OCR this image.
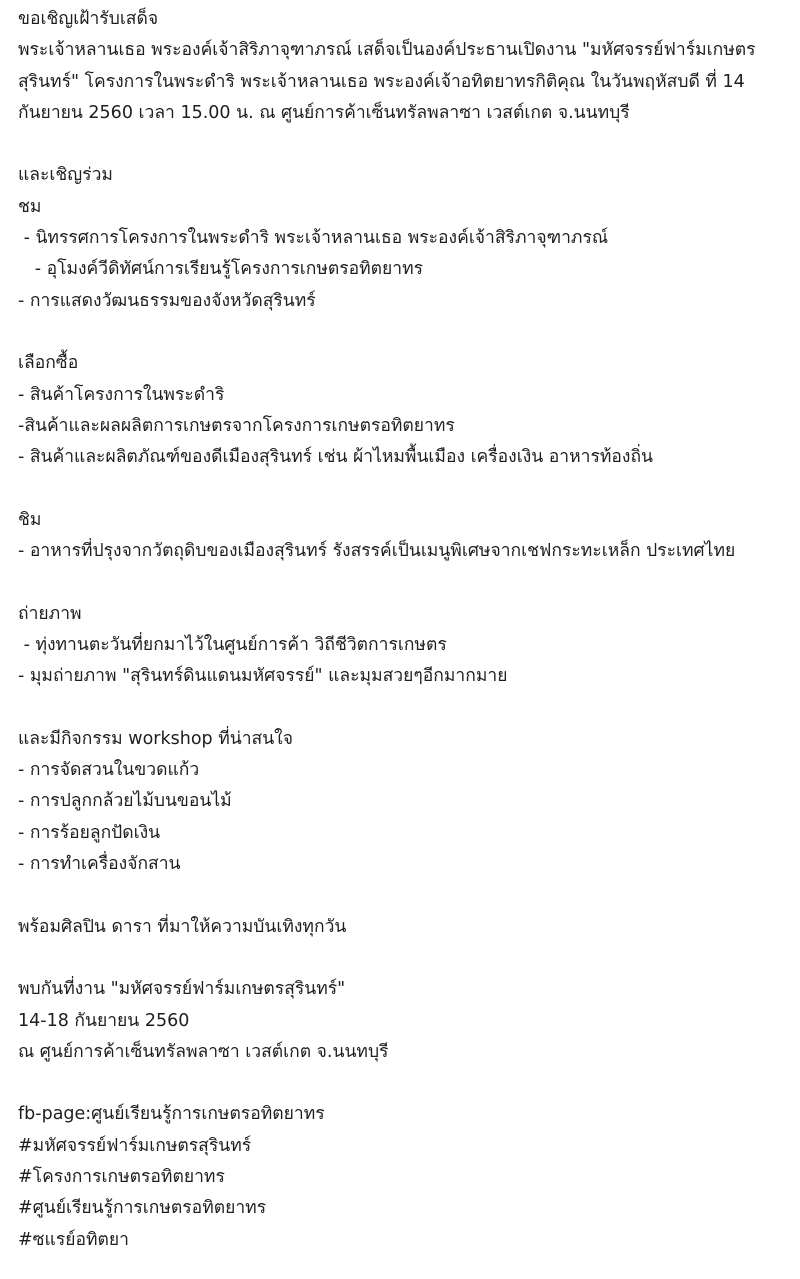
ขอเชิญเฝ้ารับเสด็จ
พระเจ้าหลานเธอ พระองค์เจ้าสิริภาจุฑาภรณ์ เสด็จเป็นองค์ประธานเปิดงาน "มหัศจรรย์ฟาร์มเกษตร
สุรินทร์" โครงการในพระดำริ พระเจ้าหลานเธอ พระองค์เจ้าอทิตยาทรกิติคุณ ในวันพฤหัสบดี ที่ 14
กันยายน 2560 เวลา 15.00 น. ณ ศูนย์การค้าเซ็นทรัลพลาซา เวสต์เกต จ.นนทบุรี
และเชิญร่วม
ชม
- นิทรรศการโครงการในพระดำริ พระเจ้าหลานเธอ พระองค์เจ้าสิริภาจุฑาภรณ์
- อุโมงค์วีดิทัศน์การเรียนรู้โครงการเกษตรอทิตยาทร
- การแสดงวัฒนธรรมของจังหวัดสุรินทร์
เลือกซื้อ
- สินค้าโครงการในพระดำริ
-สินค้าและผลผลิตการเกษตรจากโครงการเกษตรอทิตยาทร
- สินค้าและผลิตภัณฑ์ของดีเมืองสุรินทร์ เช่น ผ้าไหมพื้นเมือง เครื่องเงิน อาหารท้องถิ่น
ชิม
- อาหารที่ปรุงจากวัตถุดิบของเมืองสุรินทร์ รังสรรค์เป็นเมนูพิเศษจากเชฟกระทะเหล็ก ประเทศไทย
ถ่ายภาพ
- ทุ่งทานตะวันที่ยกมาไว้ในศูนย์การค้า วิถีชีวิตการเกษตร
- มุมถ่ายภาพ "สุรินทร์ดินแดนมหัศจรรย์" และมุมสวยๆอีกมากมาย
และมีกิจกรรม workshop ที่น่าสนใจ
- การจัดสวนในขวดแก้ว
- การปลูกกล้วยไม้บนขอนไม้
- การร้อยลูกปัดเงิน
- การทำเครื่องจักสาน
พร้อมศิลปิน ดารา ที่มาให้ความบันเทิงทุกวัน
พบกันที่งาน "มหัศจรรย์ฟาร์มเกษตรสุรินทร์"
14-18 กันยายน 2560
ณ ศูนย์การค้าเซ็นทรัลพลาซา เวสต์เกต จ.นนทบุรี
fb-page:ศูนย์เรียนรู้การเกษตรอทิตยาทร
#มหัศจรรย์ฟาร์มเกษตรสุรินทร์
#โครงการเกษตรอทิตยาทร
#ศูนย์เรียนรู้การเกษตรอทิตยาทร
#ซแรย์อทิตยา
